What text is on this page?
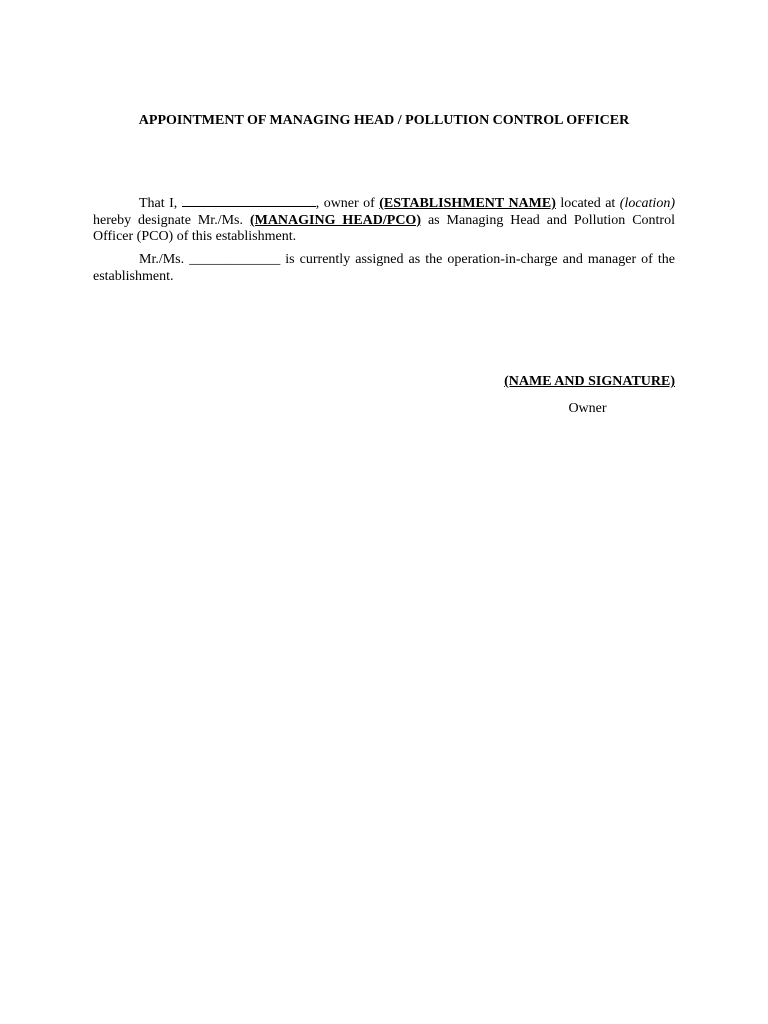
APPOINTMENT OF MANAGING HEAD / POLLUTION CONTROL OFFICER

That I,	, owner of (ESTABLISHMENT NAME) located at (location) hereby designate Mr./Ms. (MANAGING HEAD/PCO) as Managing Head and Pollution Control Officer (PCO) of this establishment.

Mr./Ms. _____________ is currently assigned as the operation-in-charge and manager of the establishment.

(NAME AND SIGNATURE)
Owner
